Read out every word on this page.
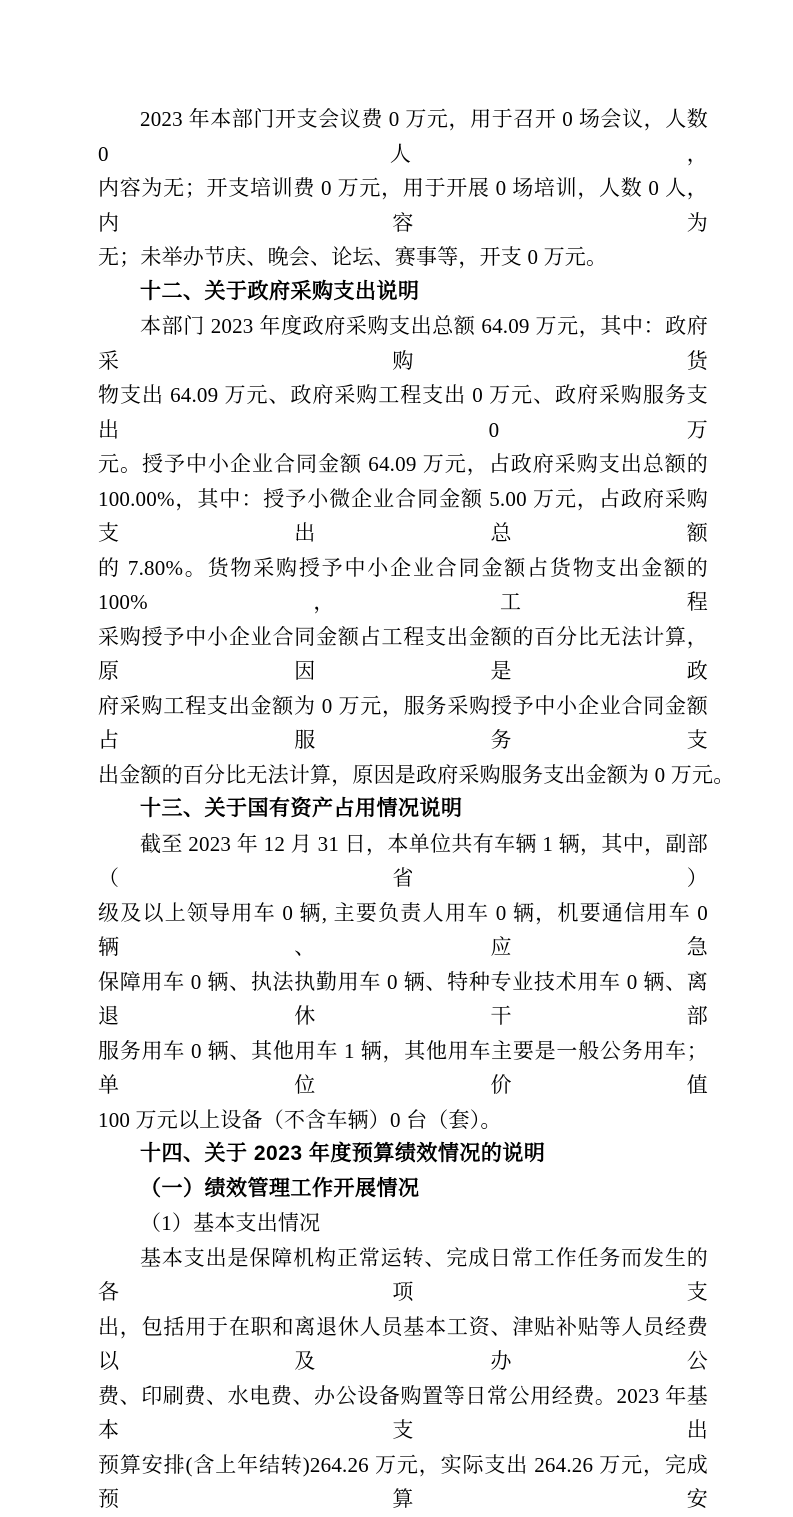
2023 年本部门开支会议费 0 万元，用于召开 0 场会议，人数 0 人，
内容为无；开支培训费 0 万元，用于开展 0 场培训，人数 0 人，内容为
无；未举办节庆、晚会、论坛、赛事等，开支 0 万元。
十二、关于政府采购支出说明
本部门 2023 年度政府采购支出总额 64.09 万元，其中：政府采购货
物支出 64.09 万元、政府采购工程支出 0 万元、政府采购服务支出 0 万
元。授予中小企业合同金额 64.09 万元，占政府采购支出总额的
100.00%，其中：授予小微企业合同金额 5.00 万元，占政府采购支出总额
的 7.80%。货物采购授予中小企业合同金额占货物支出金额的 100%，工程
采购授予中小企业合同金额占工程支出金额的百分比无法计算，原因是政
府采购工程支出金额为 0 万元，服务采购授予中小企业合同金额占服务支
出金额的百分比无法计算，原因是政府采购服务支出金额为 0 万元。
十三、关于国有资产占用情况说明
截至 2023 年 12 月 31 日，本单位共有车辆 1 辆，其中，副部（省）
级及以上领导用车 0 辆, 主要负责人用车 0 辆，机要通信用车 0 辆、应急
保障用车 0 辆、执法执勤用车 0 辆、特种专业技术用车 0 辆、离退休干部
服务用车 0 辆、其他用车 1 辆，其他用车主要是一般公务用车；单位价值
100 万元以上设备（不含车辆）0 台（套）。
十四、关于 2023 年度预算绩效情况的说明
（一）绩效管理工作开展情况
（1）基本支出情况
基本支出是保障机构正常运转、完成日常工作任务而发生的各项支
出，包括用于在职和离退休人员基本工资、津贴补贴等人员经费以及办公
费、印刷费、水电费、办公设备购置等日常公用经费。2023 年基本支出
预算安排(含上年结转)264.26 万元，实际支出 264.26 万元，完成预算安
